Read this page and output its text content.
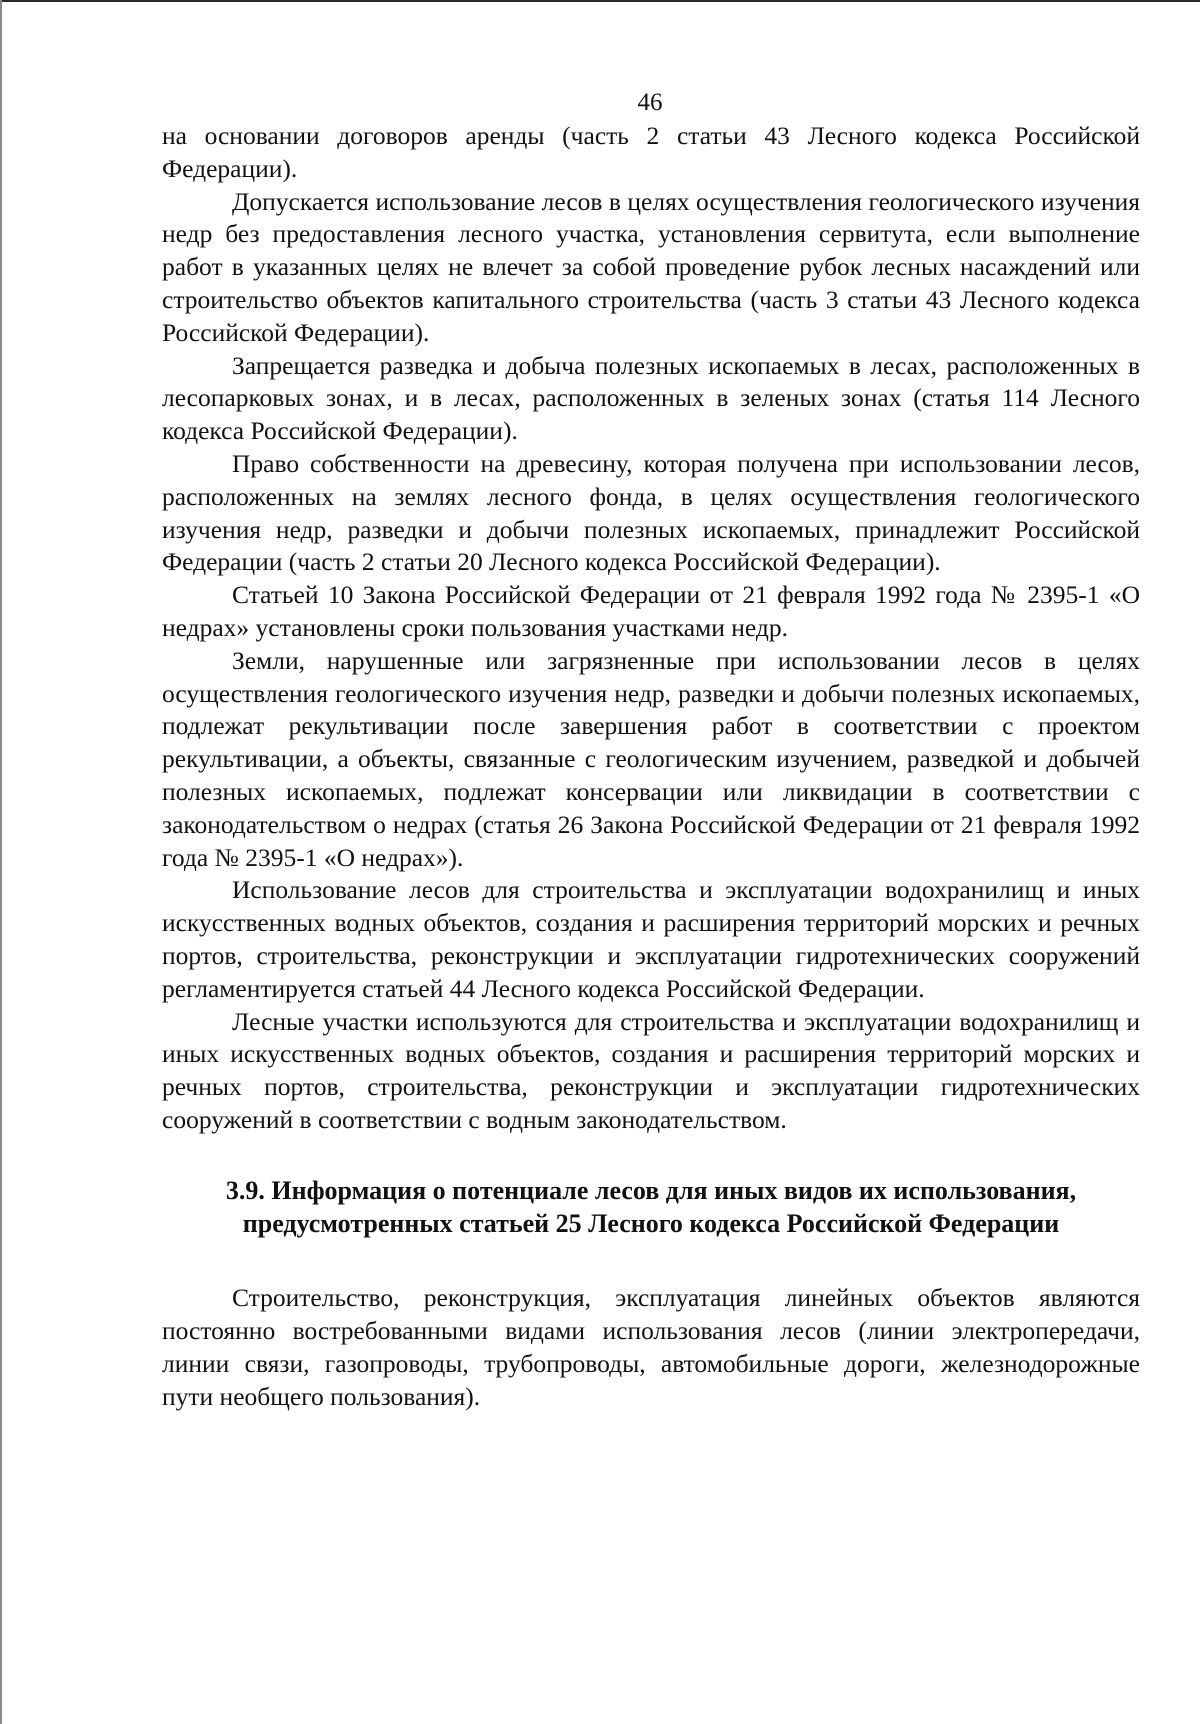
46

на основании договоров аренды (часть 2 статьи 43 Лесного кодекса Российской Федерации).

Допускается использование лесов в целях осуществления геологического изучения недр без предоставления лесного участка, установления сервитута, если выполнение работ в указанных целях не влечет за собой проведение рубок лесных насаждений или строительство объектов капитального строительства (часть 3 статьи 43 Лесного кодекса Российской Федерации).

Запрещается разведка и добыча полезных ископаемых в лесах, расположенных в лесопарковых зонах, и в лесах, расположенных в зеленых зонах (статья 114 Лесного кодекса Российской Федерации).

Право собственности на древесину, которая получена при использовании лесов, расположенных на землях лесного фонда, в целях осуществления геологического изучения недр, разведки и добычи полезных ископаемых, принадлежит Российской Федерации (часть 2 статьи 20 Лесного кодекса Российской Федерации).

Статьей 10 Закона Российской Федерации от 21 февраля 1992 года № 2395-1 «О недрах» установлены сроки пользования участками недр.

Земли, нарушенные или загрязненные при использовании лесов в целях осуществления геологического изучения недр, разведки и добычи полезных ископаемых, подлежат рекультивации после завершения работ в соответствии с проектом рекультивации, а объекты, связанные с геологическим изучением, разведкой и добычей полезных ископаемых, подлежат консервации или ликвидации в соответствии с законодательством о недрах (статья 26 Закона Российской Федерации от 21 февраля 1992 года № 2395-1 «О недрах»).

Использование лесов для строительства и эксплуатации водохранилищ и иных искусственных водных объектов, создания и расширения территорий морских и речных портов, строительства, реконструкции и эксплуатации гидротехнических сооружений регламентируется статьей 44 Лесного кодекса Российской Федерации.

Лесные участки используются для строительства и эксплуатации водохранилищ и иных искусственных водных объектов, создания и расширения территорий морских и речных портов, строительства, реконструкции и эксплуатации гидротехнических сооружений в соответствии с водным законодательством.

3.9. Информация о потенциале лесов для иных видов их использования, предусмотренных статьей 25 Лесного кодекса Российской Федерации

Строительство, реконструкция, эксплуатация линейных объектов являются постоянно востребованными видами использования лесов (линии электропередачи, линии связи, газопроводы, трубопроводы, автомобильные дороги, железнодорожные пути необщего пользования).
